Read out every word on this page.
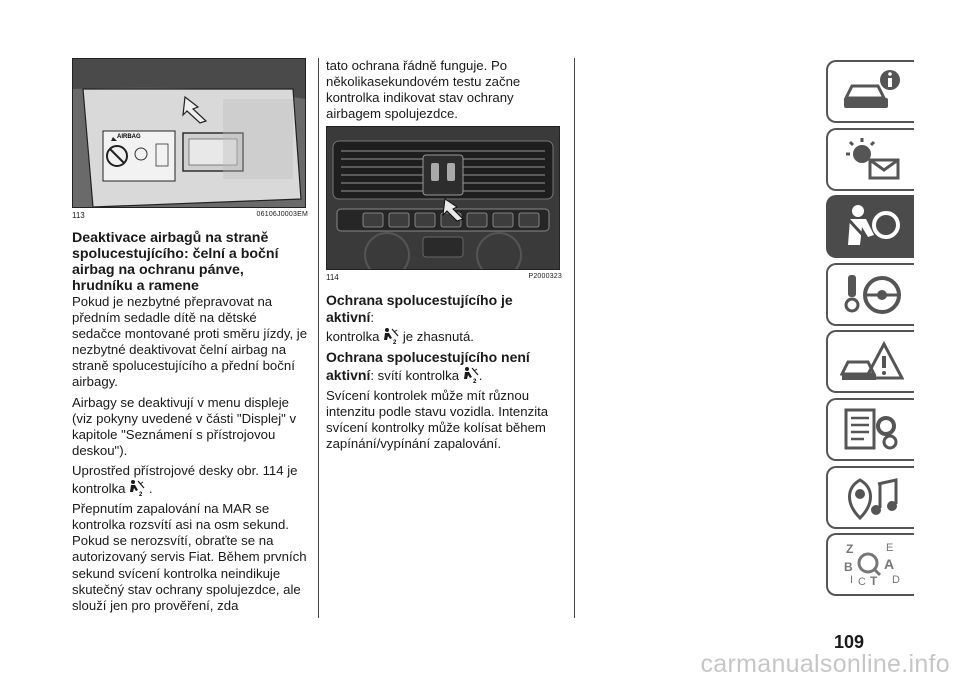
AIRBAG
113	06106J0003EM
Deaktivace airbagů na straně spolucestujícího: čelní a boční airbag na ochranu pánve, hrudníku a ramene

Pokud je nezbytné přepravovat na předním sedadle dítě na dětské sedačce montované proti směru jízdy, je nezbytné deaktivovat čelní airbag na straně spolucestujícího a přední boční airbagy.

Airbagy se deaktivují v menu displeje (viz pokyny uvedené v části "Displej" v kapitole "Seznámení s přístrojovou deskou").

Uprostřed přístrojové desky obr. 114 je kontrolka 2 .

Přepnutím zapalování na MAR se kontrolka rozsvítí asi na osm sekund. Pokud se nerozsvítí, obraťte se na autorizovaný servis Fiat. Během prvních sekund svícení kontrolka neindikuje skutečný stav ochrany spolujezdce, ale slouží jen pro prověření, zda

tato ochrana řádně funguje. Po několikasekundovém testu začne kontrolka indikovat stav ochrany airbagem spolujezdce.

114	P2000323

Ochrana spolucestujícího je aktivní:
kontrolka 2 je zhasnutá.

Ochrana spolucestujícího není aktivní: svítí kontrolka 2 .

Svícení kontrolek může mít různou intenzitu podle stavu vozidla. Intenzita svícení kontrolky může kolísat během zapínání/vypínání zapalování.

Z	E
B A
C T D
I
109
carmanualsonline.info
